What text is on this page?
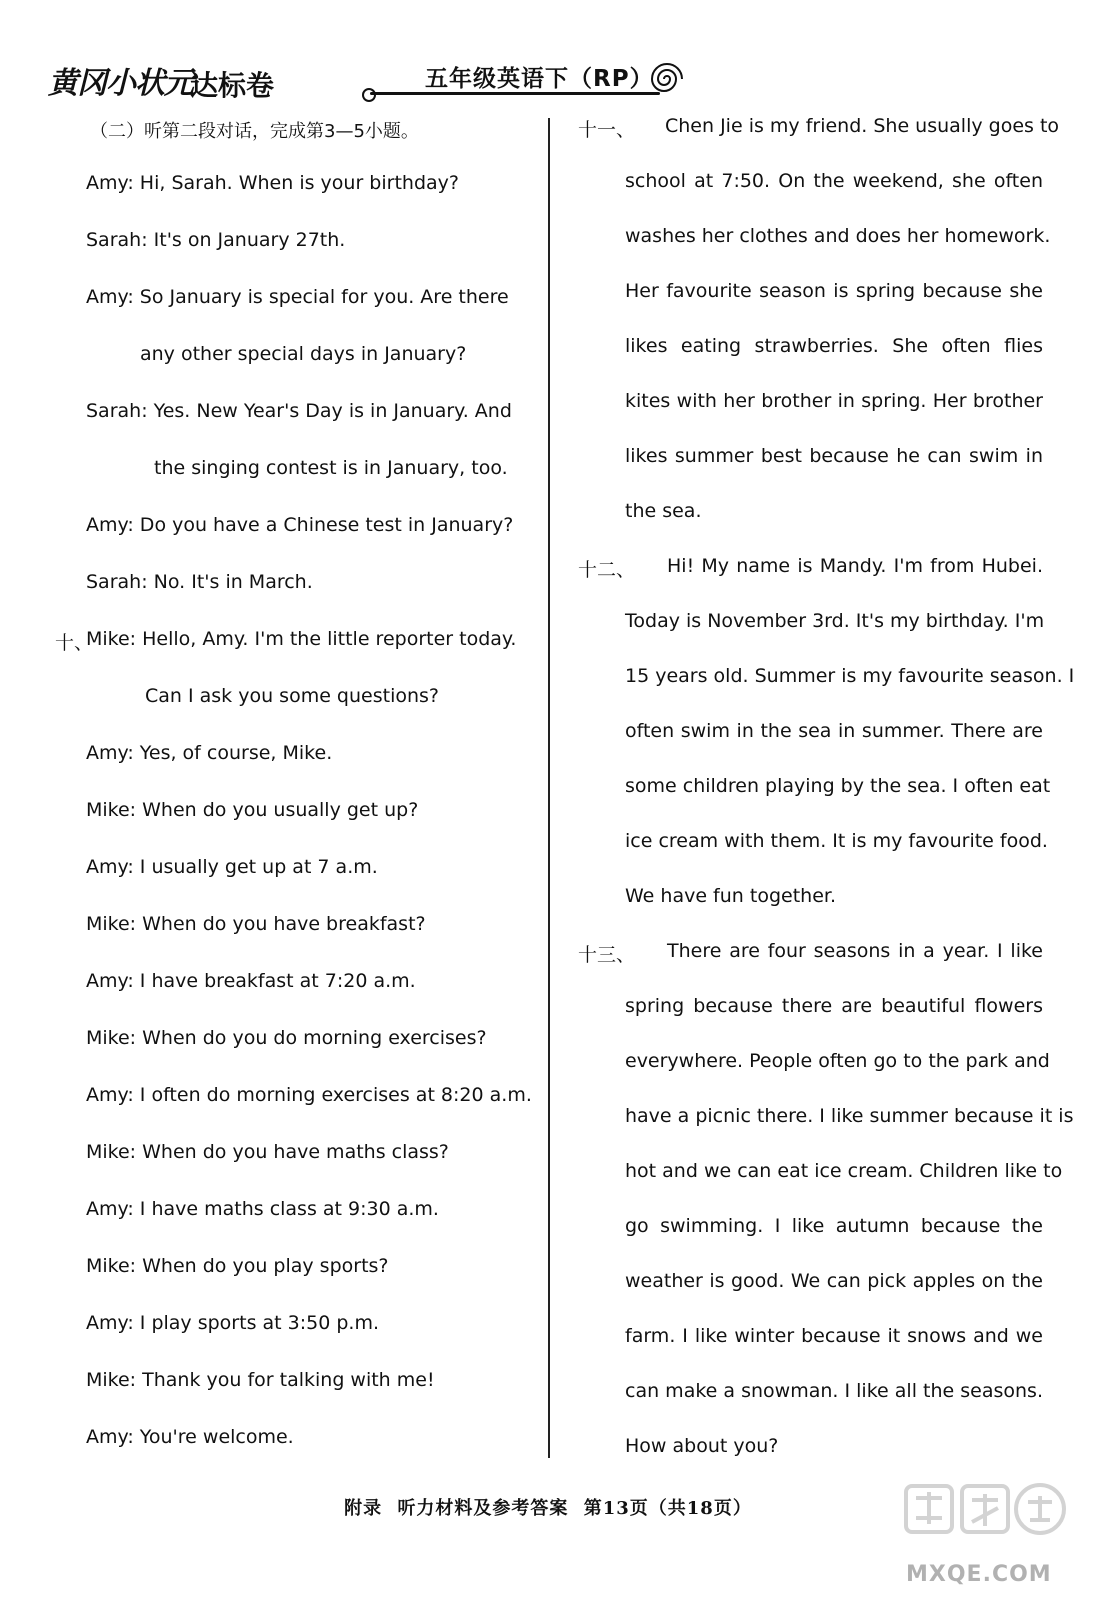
黄冈小状元
达标卷	五年级英语下（RP）
（二）听第二段对话，完成第3—5小题。
Amy: Hi, Sarah. When is your birthday?
Sarah: It's on January 27th.
Amy: So January is special for you. Are there
any other special days in January?
Sarah: Yes. New Year's Day is in January. And
the singing contest is in January, too.
Amy: Do you have a Chinese test in January?
Sarah: No. It's in March.
十、
Mike: Hello, Amy. I'm the little reporter today.
Can I ask you some questions?
Amy: Yes, of course, Mike.
Mike: When do you usually get up?
Amy: I usually get up at 7 a.m.
Mike: When do you have breakfast?
Amy: I have breakfast at 7:20 a.m.
Mike: When do you do morning exercises?
Amy: I often do morning exercises at 8:20 a.m.
Mike: When do you have maths class?
Amy: I have maths class at 9:30 a.m.
Mike: When do you play sports?
Amy: I play sports at 3:50 p.m.
Mike: Thank you for talking with me!
Amy: You're welcome.
十一、 Chen Jie is my friend. She usually goes to
school at 7:50. On the weekend, she often
washes her clothes and does her homework.
Her favourite season is spring because she
likes eating strawberries. She often flies
kites with her brother in spring. Her brother
likes summer best because he can swim in
the sea.
十二、 Hi! My name is Mandy. I'm from Hubei.
Today is November 3rd. It's my birthday. I'm
15 years old. Summer is my favourite season. I
often swim in the sea in summer. There are
some children playing by the sea. I often eat
ice cream with them. It is my favourite food.
We have fun together.
十三、 There are four seasons in a year. I like
spring because there are beautiful flowers
everywhere. People often go to the park and
have a picnic there. I like summer because it is
hot and we can eat ice cream. Children like to
go swimming. I like autumn because the
weather is good. We can pick apples on the
farm. I like winter because it snows and we
can make a snowman. I like all the seasons.
How about you?
附录 听力材料及参考答案 第13页（共18页）
MXQE.COM
